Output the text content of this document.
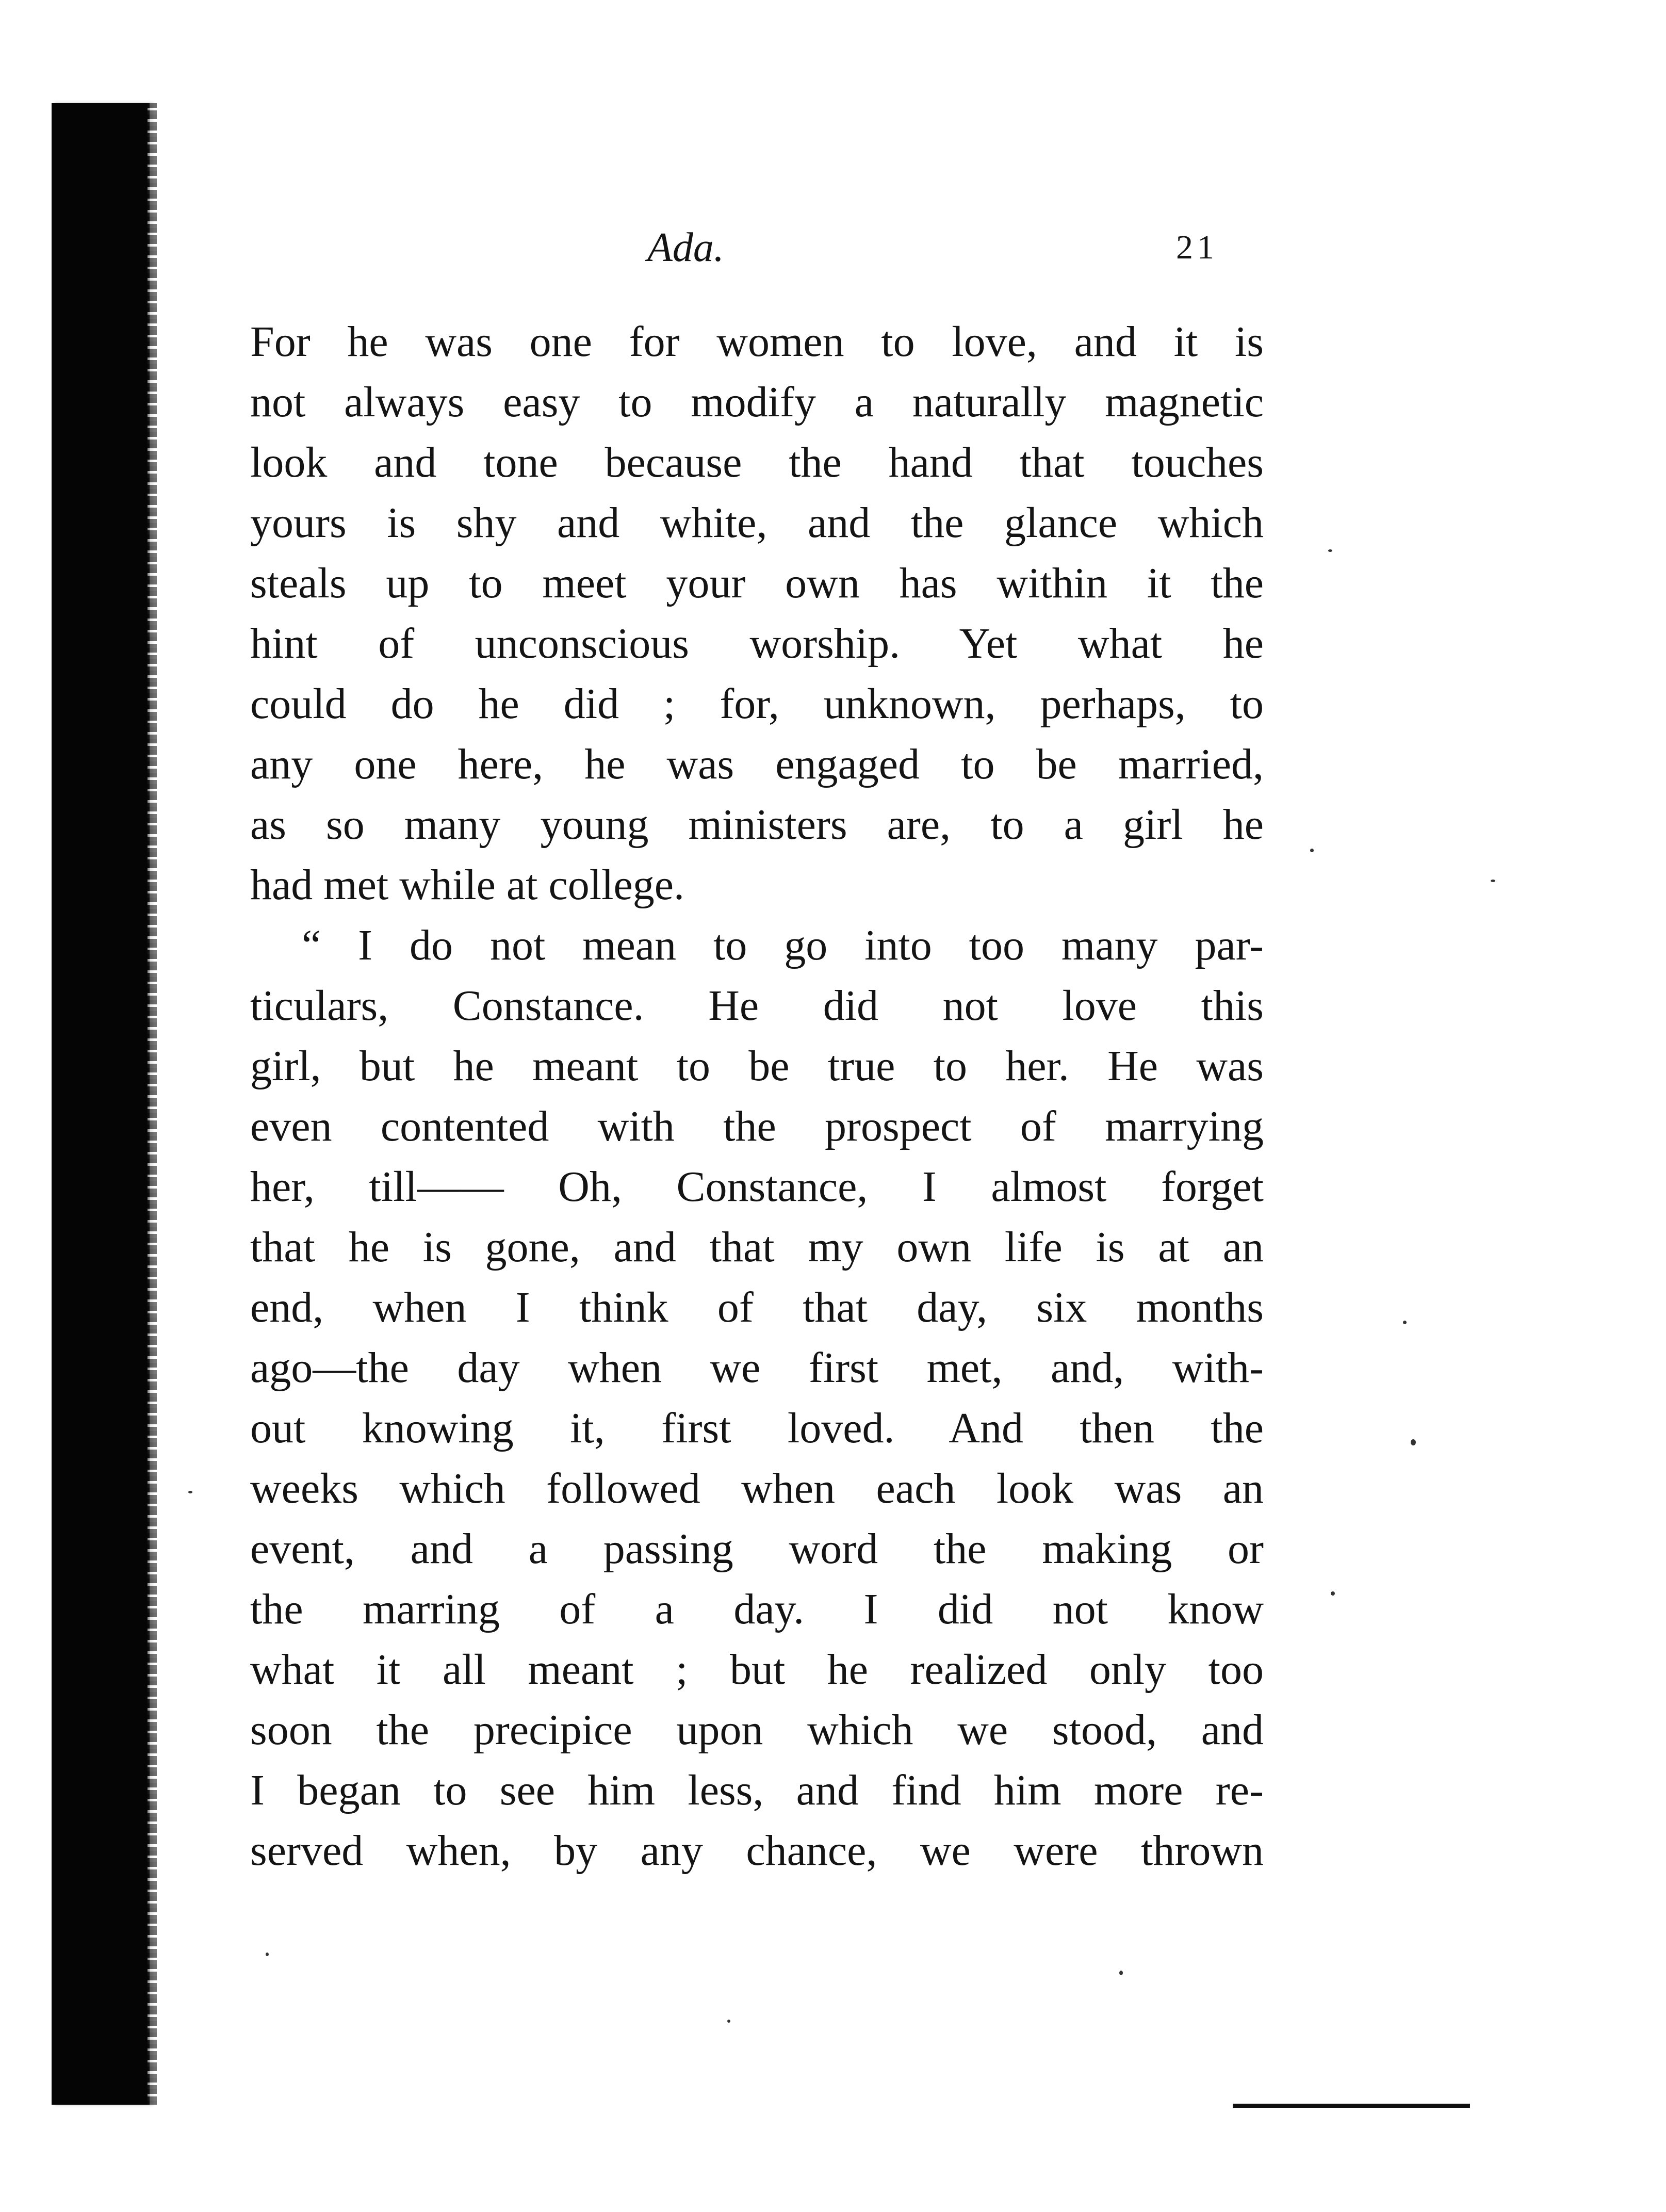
Ada.	21
For he was one for women to love, and it is
not always easy to modify a naturally magnetic
look and tone because the hand that touches
yours is shy and white, and the glance which
steals up to meet your own has within it the
hint of unconscious worship. Yet what he
could do he did ; for, unknown, perhaps, to
any one here, he was engaged to be married,
as so many young ministers are, to a girl he
had met while at college.
“ I do not mean to go into too many par-
ticulars, Constance. He did not love this
girl, but he meant to be true to her. He was
even contented with the prospect of marrying
her, till—— Oh, Constance, I almost forget
that he is gone, and that my own life is at an
end, when I think of that day, six months
ago—the day when we first met, and, with-
out knowing it, first loved. And then the
weeks which followed when each look was an
event, and a passing word the making or
the marring of a day. I did not know
what it all meant ; but he realized only too
soon the precipice upon which we stood, and
I began to see him less, and find him more re-
served when, by any chance, we were thrown
